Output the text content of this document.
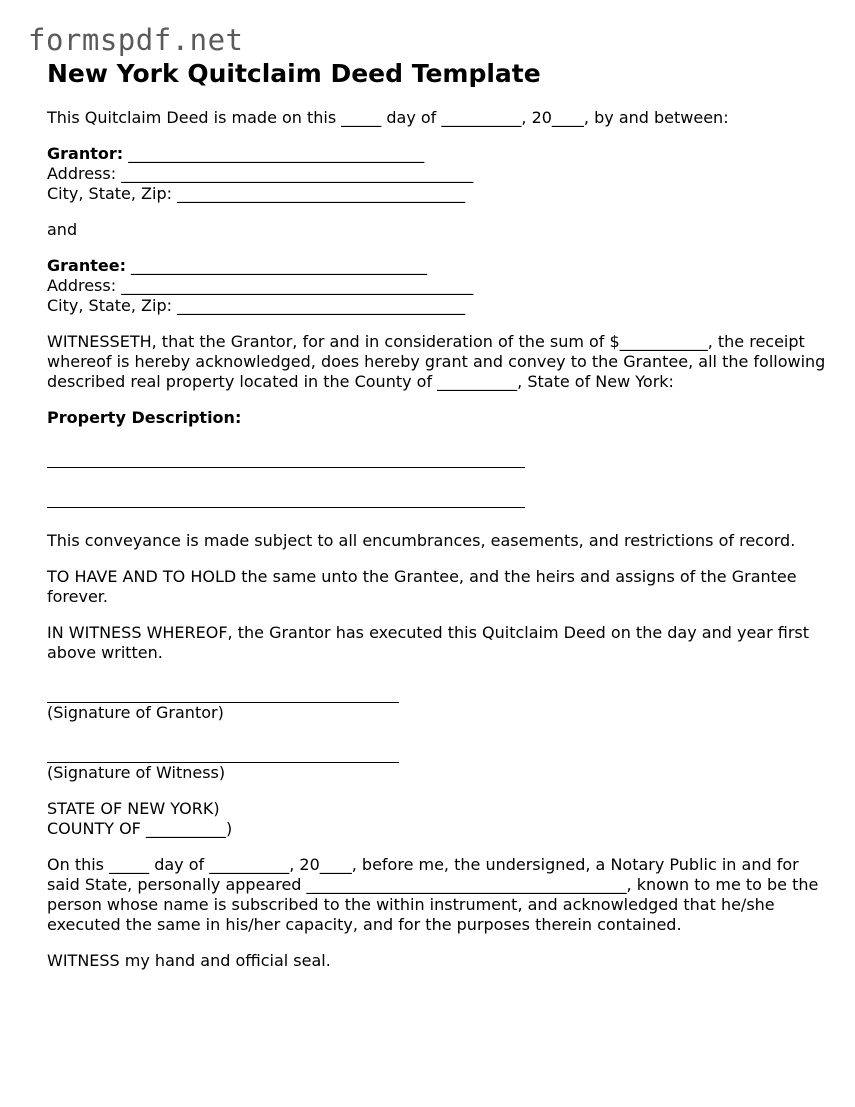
formspdf.net
New York Quitclaim Deed Template

This Quitclaim Deed is made on this _____ day of __________, 20____, by and between:

Grantor: _____________________________________

Address: ____________________________________________

City, State, Zip: ____________________________________

and

Grantee: _____________________________________

Address: ____________________________________________

City, State, Zip: ____________________________________

WITNESSETH, that the Grantor, for and in consideration of the sum of $___________, the receipt whereof is hereby acknowledged, does hereby grant and convey to the Grantee, all the following described real property located in the County of __________, State of New York:

Property Description:

This conveyance is made subject to all encumbrances, easements, and restrictions of record.

TO HAVE AND TO HOLD the same unto the Grantee, and the heirs and assigns of the Grantee forever.

IN WITNESS WHEREOF, the Grantor has executed this Quitclaim Deed on the day and year first above written.

(Signature of Grantor)

(Signature of Witness)

STATE OF NEW YORK)

COUNTY OF __________)

On this _____ day of __________, 20____, before me, the undersigned, a Notary Public in and for said State, personally appeared ________________________________________, known to me to be the person whose name is subscribed to the within instrument, and acknowledged that he/she executed the same in his/her capacity, and for the purposes therein contained.

WITNESS my hand and official seal.
